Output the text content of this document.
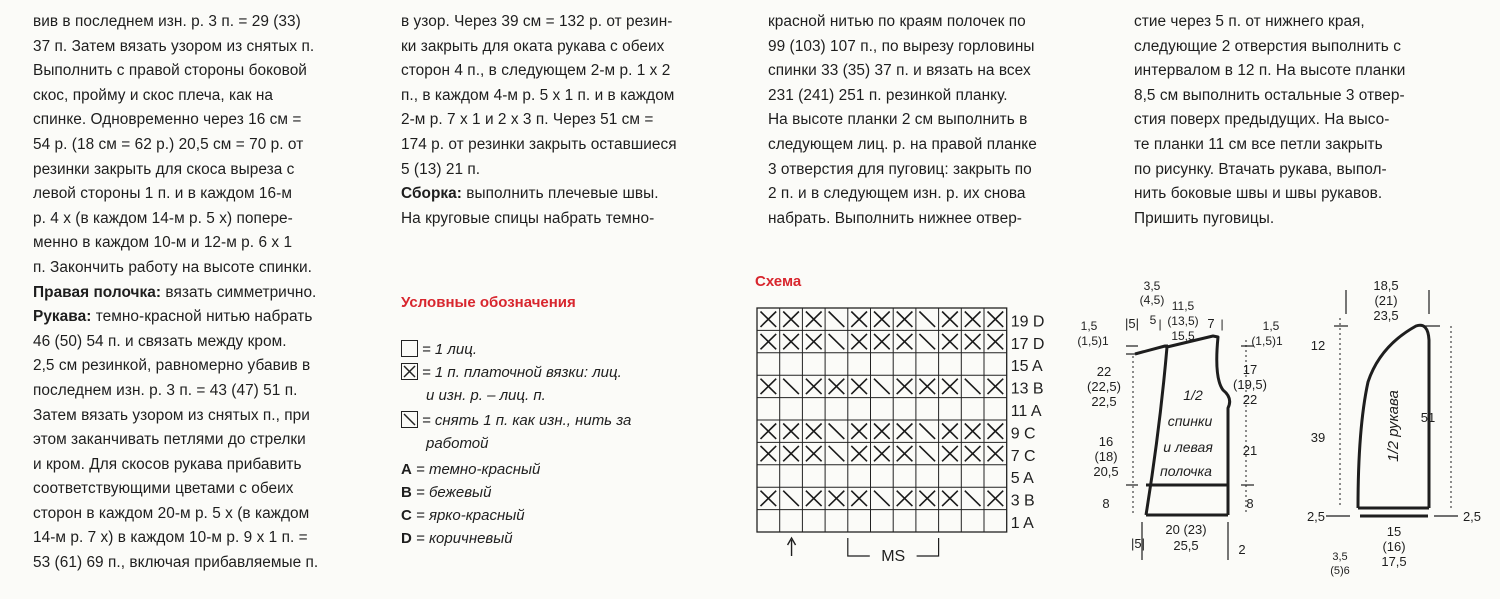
вив в последнем изн. р. 3 п. = 29 (33)

37 п. Затем вязать узором из снятых п.

Выполнить с правой стороны боковой

скос, пройму и скос плеча, как на

спинке. Одновременно через 16 см =

54 р. (18 см = 62 р.) 20,5 см = 70 р. от

резинки закрыть для скоса выреза с

левой стороны 1 п. и в каждом 16-м

р. 4 х (в каждом 14-м р. 5 х) попере-

менно в каждом 10-м и 12-м р. 6 х 1

п. Закончить работу на высоте спинки.

Правая полочка: вязать симметрично.

Рукава: темно-красной нитью набрать

46 (50) 54 п. и связать между кром.

2,5 см резинкой, равномерно убавив в

последнем изн. р. 3 п. = 43 (47) 51 п.

Затем вязать узором из снятых п., при

этом заканчивать петлями до стрелки

и кром. Для скосов рукава прибавить

соответствующими цветами с обеих

сторон в каждом 20-м р. 5 х (в каждом

14-м р. 7 х) в каждом 10-м р. 9 х 1 п. =

53 (61) 69 п., включая прибавляемые п.

в узор. Через 39 см = 132 р. от резин-

ки закрыть для оката рукава с обеих

сторон 4 п., в следующем 2-м р. 1 х 2

п., в каждом 4-м р. 5 х 1 п. и в каждом

2-м р. 7 х 1 и 2 х 3 п. Через 51 см =

174 р. от резинки закрыть оставшиеся

5 (13) 21 п.

Сборка: выполнить плечевые швы.

На круговые спицы набрать темно-

красной нитью по краям полочек по

99 (103) 107 п., по вырезу горловины

спинки 33 (35) 37 п. и вязать на всех

231 (241) 251 п. резинкой планку.

На высоте планки 2 см выполнить в

следующем лиц. р. на правой планке

3 отверстия для пуговиц: закрыть по

2 п. и в следующем изн. р. их снова

набрать. Выполнить нижнее отвер-

стие через 5 п. от нижнего края,

следующие 2 отверстия выполнить с

интервалом в 12 п. На высоте планки

8,5 см выполнить остальные 3 отвер-

стия поверх предыдущих. На высо-

те планки 11 см все петли закрыть

по рисунку. Втачать рукава, выпол-

нить боковые швы и швы рукавов.

Пришить пуговицы.

Условные обозначения
= 1 лиц.
= 1 п. платочной вязки: лиц.
и изн. р. – лиц. п.
= снять 1 п. как изн., нить за
работой
A = темно-красный
B = бежевый
C = ярко-красный
D = коричневый
Схема
19 D
17 D
15 A
13 B
11 A
9 C
7 C
5 A
3 B
1 A
MS
3,5
(4,5) 11,5
(13,5)
15,5
|5| 5 |	7 |
1,5
(1,5)1
1,5
(1,5)1
22
(22,5)
22,5
16
(18)
20,5
17
(19,5)
22
21
8	8
20 (23)
25,5
|5|	2
1/2
спинки
и левая
полочка
18,5
(21)
23,5
12
39
51
2,5	2,5
15
(16)
17,5
3,5
(5)6
1/2 рукава
